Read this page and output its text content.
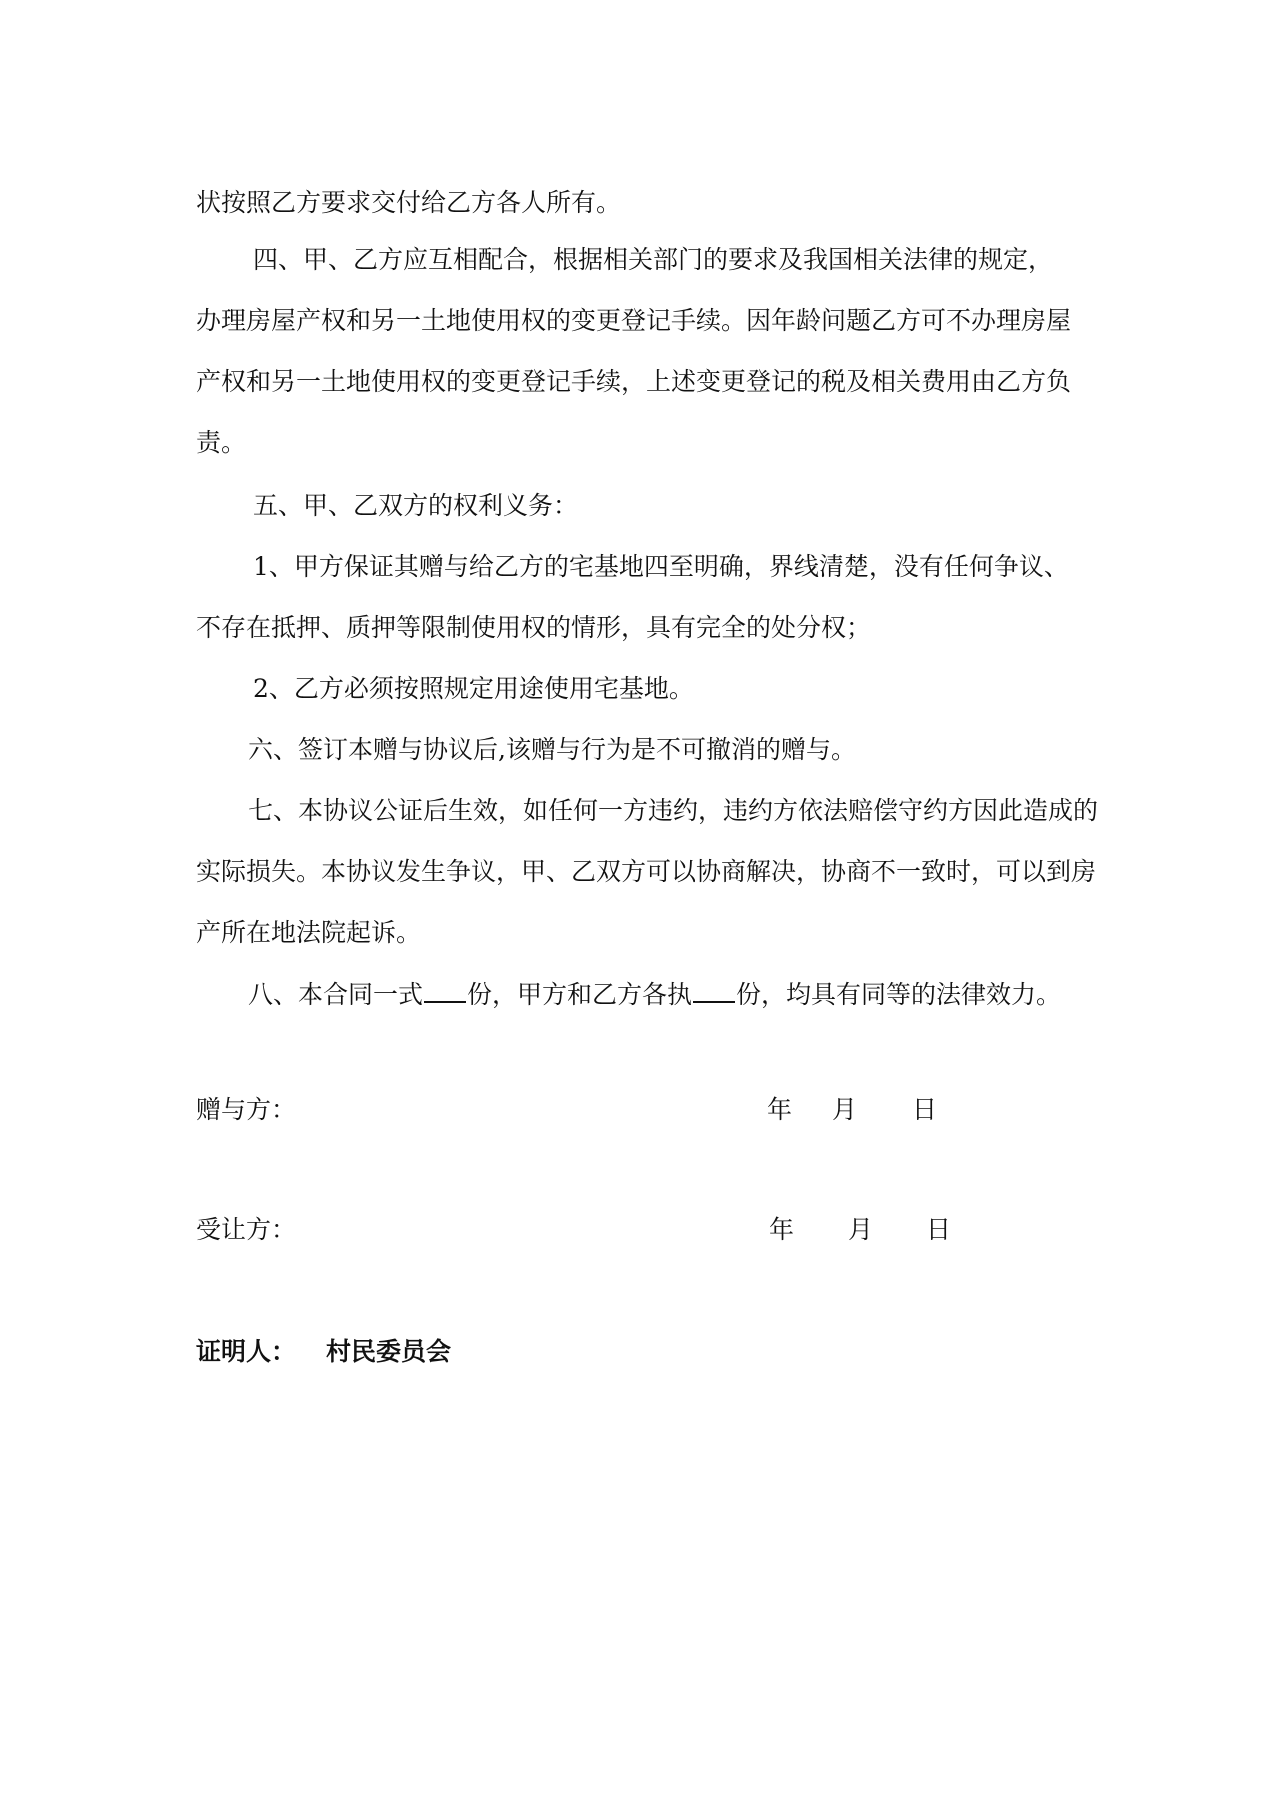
状按照乙方要求交付给乙方各人所有。
四、甲、乙方应互相配合，根据相关部门的要求及我国相关法律的规定，
办理房屋产权和另一土地使用权的变更登记手续。因年龄问题乙方可不办理房屋
产权和另一土地使用权的变更登记手续，上述变更登记的税及相关费用由乙方负
责。
五、甲、乙双方的权利义务：
1、甲方保证其赠与给乙方的宅基地四至明确，界线清楚，没有任何争议、
不存在抵押、质押等限制使用权的情形，具有完全的处分权；
2、乙方必须按照规定用途使用宅基地。
六、签订本赠与协议后,该赠与行为是不可撤消的赠与。
七、本协议公证后生效，如任何一方违约，违约方依法赔偿守约方因此造成的
实际损失。本协议发生争议，甲、乙双方可以协商解决，协商不一致时，可以到房
产所在地法院起诉。
八、本合同一式 份，甲方和乙方各执 份，均具有同等的法律效力。
赠与方：	年 月 日
受让方：	年 月 日
证明人： 村民委员会
